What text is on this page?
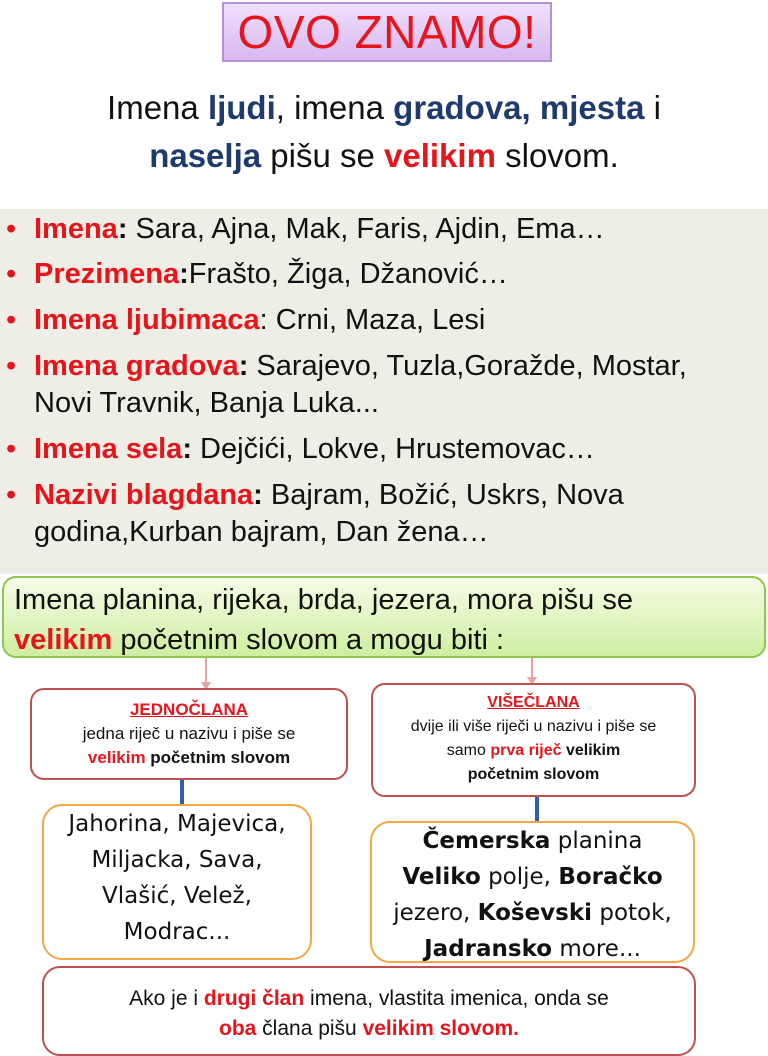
OVO ZNAMO!
Imena ljudi, imena gradova, mjesta i
naselja pišu se velikim slovom.
• Imena: Sara, Ajna, Mak, Faris, Ajdin, Ema…
• Prezimena:Frašto, Žiga, Džanović…
• Imena ljubimaca: Crni, Maza, Lesi
• Imena gradova: Sarajevo, Tuzla,Goražde, Mostar, Novi Travnik, Banja Luka...
• Imena sela: Dejčići, Lokve, Hrustemovac…
• Nazivi blagdana: Bajram, Božić, Uskrs, Nova godina,Kurban bajram, Dan žena…
Imena planina, rijeka, brda, jezera, mora pišu se
velikim početnim slovom a mogu biti :
JEDNOČLANA
jedna riječ u nazivu i piše se
velikim početnim slovom
VIŠEČLANA
dvije ili više riječi u nazivu i piše se
samo prva riječ velikim početnim slovom
Jahorina, Majevica,
Miljacka, Sava,
Vlašić, Velež,
Modrac...
Čemerska planina
Veliko polje, Boračko
jezero, Koševski potok,
Jadransko more...
Ako je i drugi član imena, vlastita imenica, onda se
oba člana pišu velikim slovom.
